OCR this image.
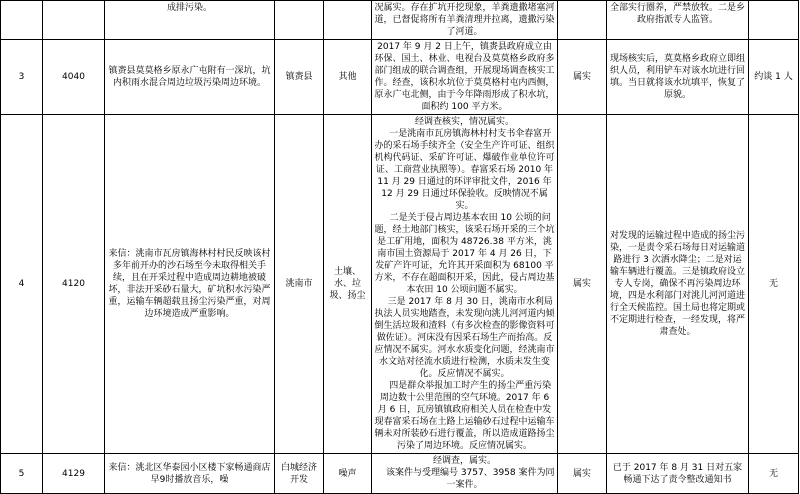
		成排污染。			况属实。存在扩坑开挖现象，羊粪遗撒堵塞河道，已督促将所有羊粪清理并拉离，遗撒污染了河道。		全部实行圈养，严禁放牧。二是乡政府指派专人监管。	

3	4040	镇赉县莫莫格乡原永广屯附有一深坑，坑内积雨水混合周边垃圾污染周边环境。	镇赉县	其他	2017 年 9 月 2 日上午，镇赉县政府成立由环保、国土、林业、电视台及莫莫格乡政府多部门组成的联合调查组，开展现场调查核实工作。经查，该积水坑位于莫莫格村屯内西侧，原永广屯北侧，由于今年降雨形成了积水坑，面积约 100 平方米。	属实	现场核实后，莫莫格乡政府立即组织人员，利用铲车对该水坑进行回填。当日就将该水坑填平，恢复了原貌。	约谈 1 人
4	4120	来信：洮南市瓦房镇海林村村民反映该村多年前开办的沙石场至今未取得相关手续，且在开采过程中造成周边耕地被破坏，非法开采砂石量大，矿坑积水污染严重，运输车辆超载且扬尘污染严重，对周边环境造成严重影响。	洮南市	土壤、水、垃圾、扬尘	经调查核实，情况属实。
一是洮南市瓦房镇海林村村支书伞春富开办的采石场手续齐全（安全生产许可证、组织机构代码证、采矿许可证、爆破作业单位许可证、工商营业执照等）。春富采石场 2010 年 11 月 29 日通过的环评审批文件，2016 年 12 月 29 日通过环保验收。反映情况不属实。
二是关于侵占周边基本农田 10 公顷的问题，经土地部门核实，该采石场开采的三个坑是工矿用地，面积为 48726.38 平方米，洮南市国土资源局于 2017 年 4 月 26 日，下发矿产许可证，允许其开采面积为 68100 平方米，不存在超面积开采，因此，侵占周边基本农田 10 公顷问题不属实。
三是 2017 年 8 月 30 日，洮南市水利局执法人员实地踏查，未发现向洮儿河河道内倾倒生活垃圾和渣料（有多次检查的影像资料可做佐证）。河床没有因采石场生产而抬高。反应情况不属实。河水水质变化问题，经洮南市水文站对径流水质进行检测，水质未发生变化。反应情况不属实。
四是群众举报加工时产生的扬尘严重污染周边数十公里范围的空气环境。2017 年 6 月 6 日，瓦房镇镇政府相关人员在检查中发现春富采石场在土路上运输砂石过程中运输车辆未对所装砂石进行覆盖，所以造成道路扬尘污染了周边环境。反应情况属实。	属实	对发现的运输过程中造成的扬尘污染，一是责令采石场每日对运输道路进行 3 次洒水降尘；二是对运输车辆进行覆盖。三是镇政府设立专人专岗，确保不再污染周边环境，四是水利部门对洮儿河河道进行全天候监控。国土局也将定期或不定期进行检查，一经发现，将严肃查处。	无
5	4129	来信：洮北区华泰园小区楼下家畅通商店早9时播放音乐，噪	白城经济开发	噪声	经调查，属实。
该案件与受理编号 3757、3958 案件为同一案件。	属实	已于 2017 年 8 月 31 日对五家畅通下达了责令整改通知书	无
